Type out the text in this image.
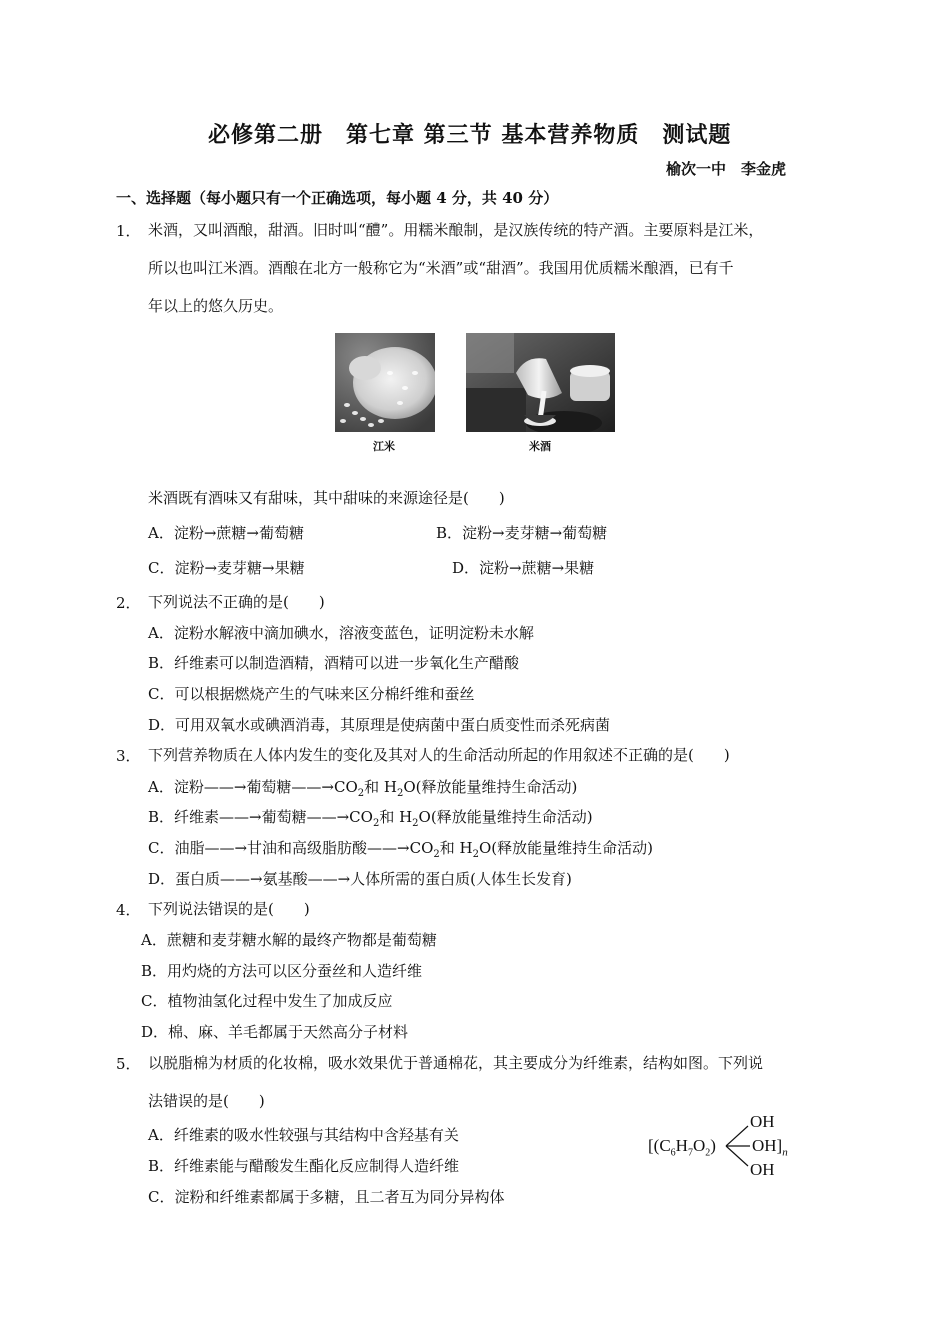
必修第二册　第七章 第三节 基本营养物质　测试题
榆次一中　李金虎
一、选择题（每小题只有一个正确选项，每小题 4 分，共 40 分）
1． 米酒，又叫酒酿，甜酒。旧时叫“醴”。用糯米酿制，是汉族传统的特产酒。主要原料是江米，
所以也叫江米酒。酒酿在北方一般称它为“米酒”或“甜酒”。我国用优质糯米酿酒，已有千
年以上的悠久历史。
江米	米酒
米酒既有酒味又有甜味，其中甜味的来源途径是(　　)
A．淀粉→蔗糖→葡萄糖	B．淀粉→麦芽糖→葡萄糖
C．淀粉→麦芽糖→果糖	D．淀粉→蔗糖→果糖
2． 下列说法不正确的是(　　)
A．淀粉水解液中滴加碘水，溶液变蓝色，证明淀粉未水解
B．纤维素可以制造酒精，酒精可以进一步氧化生产醋酸
C．可以根据燃烧产生的气味来区分棉纤维和蚕丝
D．可用双氧水或碘酒消毒，其原理是使病菌中蛋白质变性而杀死病菌
3． 下列营养物质在人体内发生的变化及其对人的生命活动所起的作用叙述不正确的是(　　)
A．淀粉——→葡萄糖$——\to CO_2$和 $H_2O$(释放能量维持生命活动)
B．纤维素——→葡萄糖$——\to CO_2$和 $H_2O$(释放能量维持生命活动)
C．油脂——→甘油和高级脂肪酸$——\to CO_2$和 $H_2O$(释放能量维持生命活动)
D．蛋白质——→氨基酸——→人体所需的蛋白质(人体生长发育)
4． 下列说法错误的是(　　)
A．蔗糖和麦芽糖水解的最终产物都是葡萄糖
B．用灼烧的方法可以区分蚕丝和人造纤维
C．植物油氢化过程中发生了加成反应
D．棉、麻、羊毛都属于天然高分子材料
5． 以脱脂棉为材质的化妆棉，吸水效果优于普通棉花，其主要成分为纤维素，结构如图。下列说
法错误的是(　　)
A．纤维素的吸水性较强与其结构中含羟基有关
B．纤维素能与醋酸发生酯化反应制得人造纤维
C．淀粉和纤维素都属于多糖，且二者互为同分异构体
[$(C_6H_7O_2)$
OH
$OH]_n$
OH
